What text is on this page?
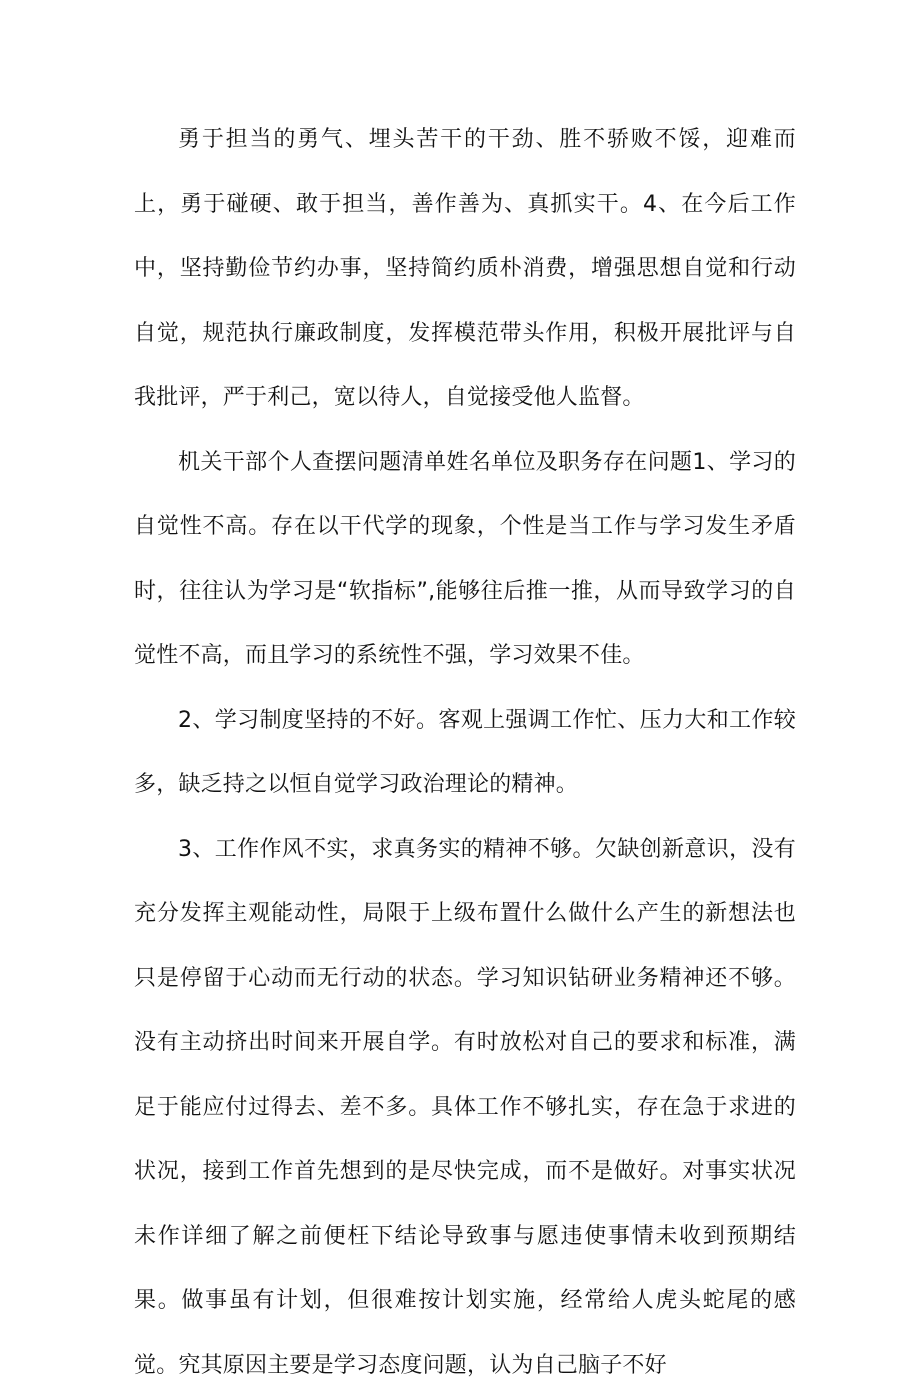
勇于担当的勇气、埋头苦干的干劲、胜不骄败不馁，迎难而上，勇于碰硬、敢于担当，善作善为、真抓实干。4、在今后工作中，坚持勤俭节约办事，坚持简约质朴消费，增强思想自觉和行动自觉，规范执行廉政制度，发挥模范带头作用，积极开展批评与自我批评，严于利己，宽以待人，自觉接受他人监督。

机关干部个人查摆问题清单姓名单位及职务存在问题1、学习的自觉性不高。存在以干代学的现象，个性是当工作与学习发生矛盾时，往往认为学习是“软指标”,能够往后推一推，从而导致学习的自觉性不高，而且学习的系统性不强，学习效果不佳。

2、学习制度坚持的不好。客观上强调工作忙、压力大和工作较多，缺乏持之以恒自觉学习政治理论的精神。

3、工作作风不实，求真务实的精神不够。欠缺创新意识，没有充分发挥主观能动性，局限于上级布置什么做什么产生的新想法也只是停留于心动而无行动的状态。学习知识钻研业务精神还不够。没有主动挤出时间来开展自学。有时放松对自己的要求和标准，满足于能应付过得去、差不多。具体工作不够扎实，存在急于求进的状况，接到工作首先想到的是尽快完成，而不是做好。对事实状况未作详细了解之前便枉下结论导致事与愿违使事情未收到预期结果。做事虽有计划，但很难按计划实施，经常给人虎头蛇尾的感觉。究其原因主要是学习态度问题，认为自己脑子不好
